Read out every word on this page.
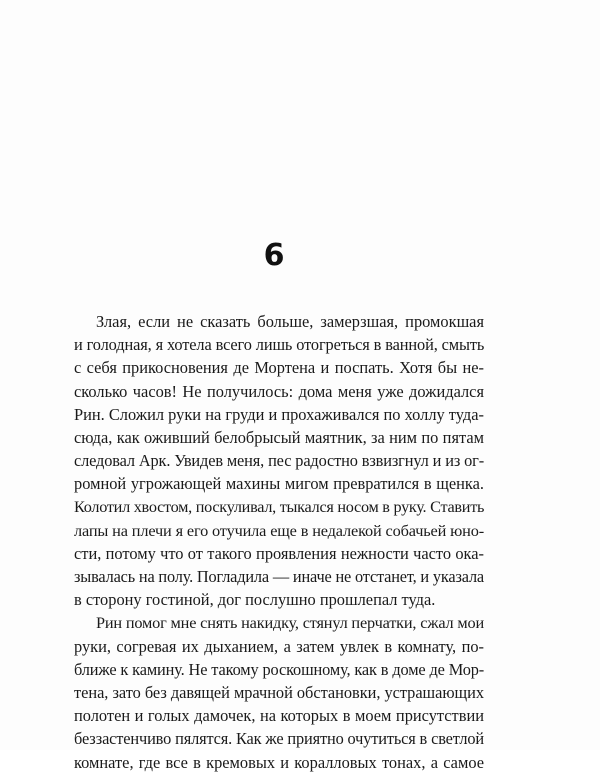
6
Злая, если не сказать больше, замерзшая, промокшая
и голодная, я хотела всего лишь отогреться в ванной, смыть
с себя прикосновения де Мортена и поспать. Хотя бы не-
сколько часов! Не получилось: дома меня уже дожидался
Рин. Сложил руки на груди и прохаживался по холлу туда-
сюда, как оживший белобрысый маятник, за ним по пятам
следовал Арк. Увидев меня, пес радостно взвизгнул и из ог-
ромной угрожающей махины мигом превратился в щенка.
Колотил хвостом, поскуливал, тыкался носом в руку. Ставить
лапы на плечи я его отучила еще в недалекой собачьей юно-
сти, потому что от такого проявления нежности часто ока-
зывалась на полу. Погладила — иначе не отстанет, и указала
в сторону гостиной, дог послушно прошлепал туда.
Рин помог мне снять накидку, стянул перчатки, сжал мои
руки, согревая их дыханием, а затем увлек в комнату, по-
ближе к камину. Не такому роскошному, как в доме де Мор-
тена, зато без давящей мрачной обстановки, устрашающих
полотен и голых дамочек, на которых в моем присутствии
беззастенчиво пялятся. Как же приятно очутиться в светлой
комнате, где все в кремовых и коралловых тонах, а самое
